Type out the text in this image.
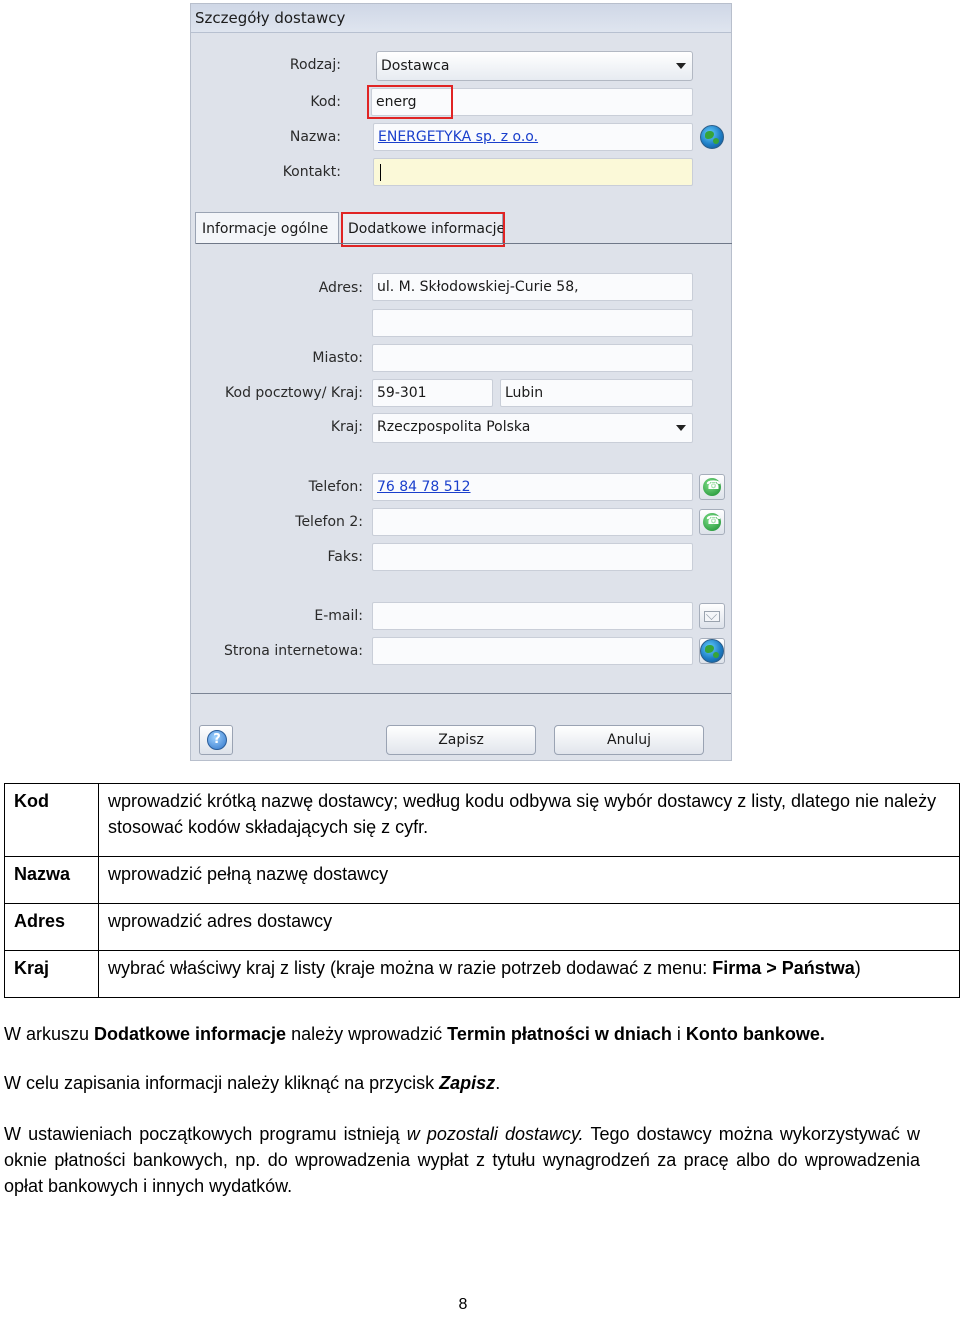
Szczegóły dostawcy
Rodzaj:	Dostawca
Kod:	energ
Nazwa:	ENERGETYKA sp. z o.o.
Kontakt:
Informacje ogólne Dodatkowe informacje
Adres: ul. M. Skłodowskiej-Curie 58,
Miasto:
Kod pocztowy/ Kraj: 59-301	Lubin
Kraj: Rzeczpospolita Polska
Telefon: 76 84 78 512
☎
Telefon 2:
☎
Faks:
E-mail:
Strona internetowa:
?	Zapisz	Anuluj
Kod	wprowadzić krótką nazwę dostawcy; według kodu odbywa się wybór dostawcy z listy, dlatego nie należy stosować kodów składających się z cyfr.
Nazwa	wprowadzić pełną nazwę dostawcy
Adres	wprowadzić adres dostawcy
Kraj	wybrać właściwy kraj z listy (kraje można w razie potrzeb dodawać z menu: Firma > Państwa)
W arkuszu Dodatkowe informacje należy wprowadzić Termin płatności w dniach i Konto bankowe.
W celu zapisania informacji należy kliknąć na przycisk Zapisz.
W ustawieniach początkowych programu istnieją w pozostali dostawcy. Tego dostawcy można wykorzystywać w oknie płatności bankowych, np. do wprowadzenia wypłat z tytułu wynagrodzeń za pracę albo do wprowadzenia opłat bankowych i innych wydatków.
8
